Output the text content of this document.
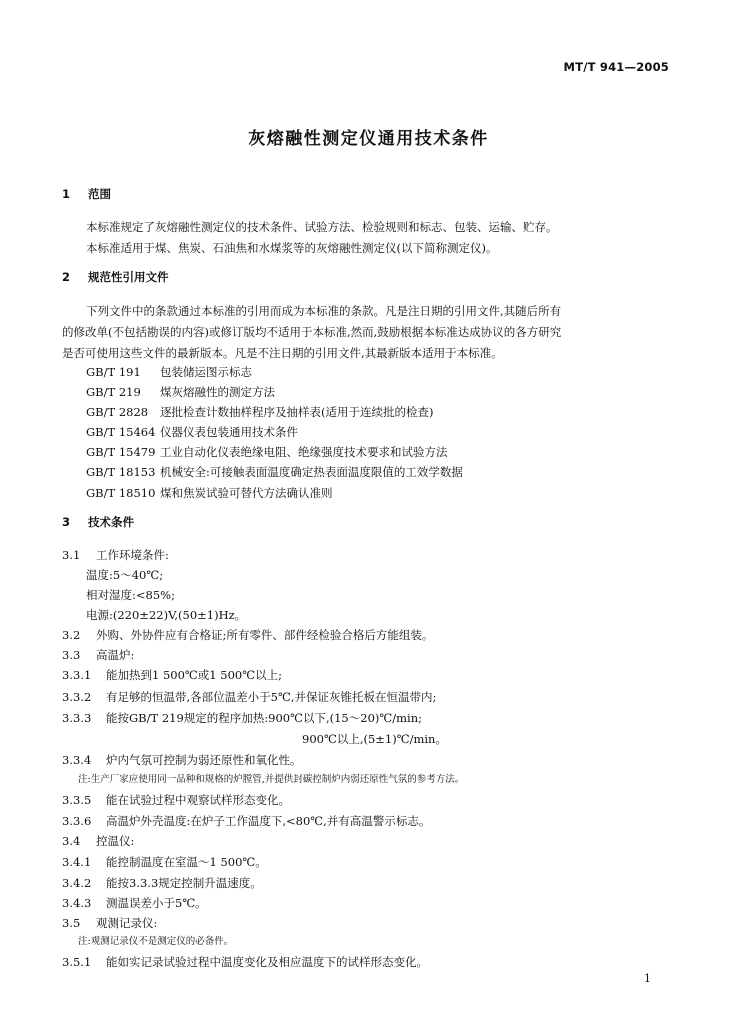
MT/T 941—2005
灰熔融性测定仪通用技术条件
1 范围
本标准规定了灰熔融性测定仪的技术条件、试验方法、检验规则和标志、包装、运输、贮存。
本标准适用于煤、焦炭、石油焦和水煤浆等的灰熔融性测定仪(以下简称测定仪)。
2 规范性引用文件
下列文件中的条款通过本标准的引用而成为本标准的条款。凡是注日期的引用文件,其随后所有
的修改单(不包括勘误的内容)或修订版均不适用于本标准,然而,鼓励根据本标准达成协议的各方研究
是否可使用这些文件的最新版本。凡是不注日期的引用文件,其最新版本适用于本标准。
GB/T 191 包装储运图示标志
GB/T 219 煤灰熔融性的测定方法
GB/T 2828 逐批检查计数抽样程序及抽样表(适用于连续批的检查)
GB/T 15464 仪器仪表包装通用技术条件
GB/T 15479 工业自动化仪表绝缘电阻、绝缘强度技术要求和试验方法
GB/T 18153 机械安全:可接触表面温度确定热表面温度限值的工效学数据
GB/T 18510 煤和焦炭试验可替代方法确认准则
3 技术条件
3.1 工作环境条件:
温度:5～40℃;
相对湿度:<85%;
电源:(220±22)V,(50±1)Hz。
3.2 外购、外协件应有合格证;所有零件、部件经检验合格后方能组装。
3.3 高温炉:
3.3.1 能加热到1 500℃或1 500℃以上;
3.3.2 有足够的恒温带,各部位温差小于5℃,并保证灰锥托板在恒温带内;
3.3.3 能按GB/T 219规定的程序加热:900℃以下,(15～20)℃/min;
900℃以上,(5±1)℃/min。
3.3.4 炉内气氛可控制为弱还原性和氧化性。
注:生产厂家应使用同一品种和规格的炉膛管,并提供封碳控制炉内弱还原性气氛的参考方法。
3.3.5 能在试验过程中观察试样形态变化。
3.3.6 高温炉外壳温度:在炉子工作温度下,<80℃,并有高温警示标志。
3.4 控温仪:
3.4.1 能控制温度在室温～1 500℃。
3.4.2 能按3.3.3规定控制升温速度。
3.4.3 测温误差小于5℃。
3.5 观测记录仪:
注:观测记录仪不是测定仪的必备件。
3.5.1 能如实记录试验过程中温度变化及相应温度下的试样形态变化。
1
